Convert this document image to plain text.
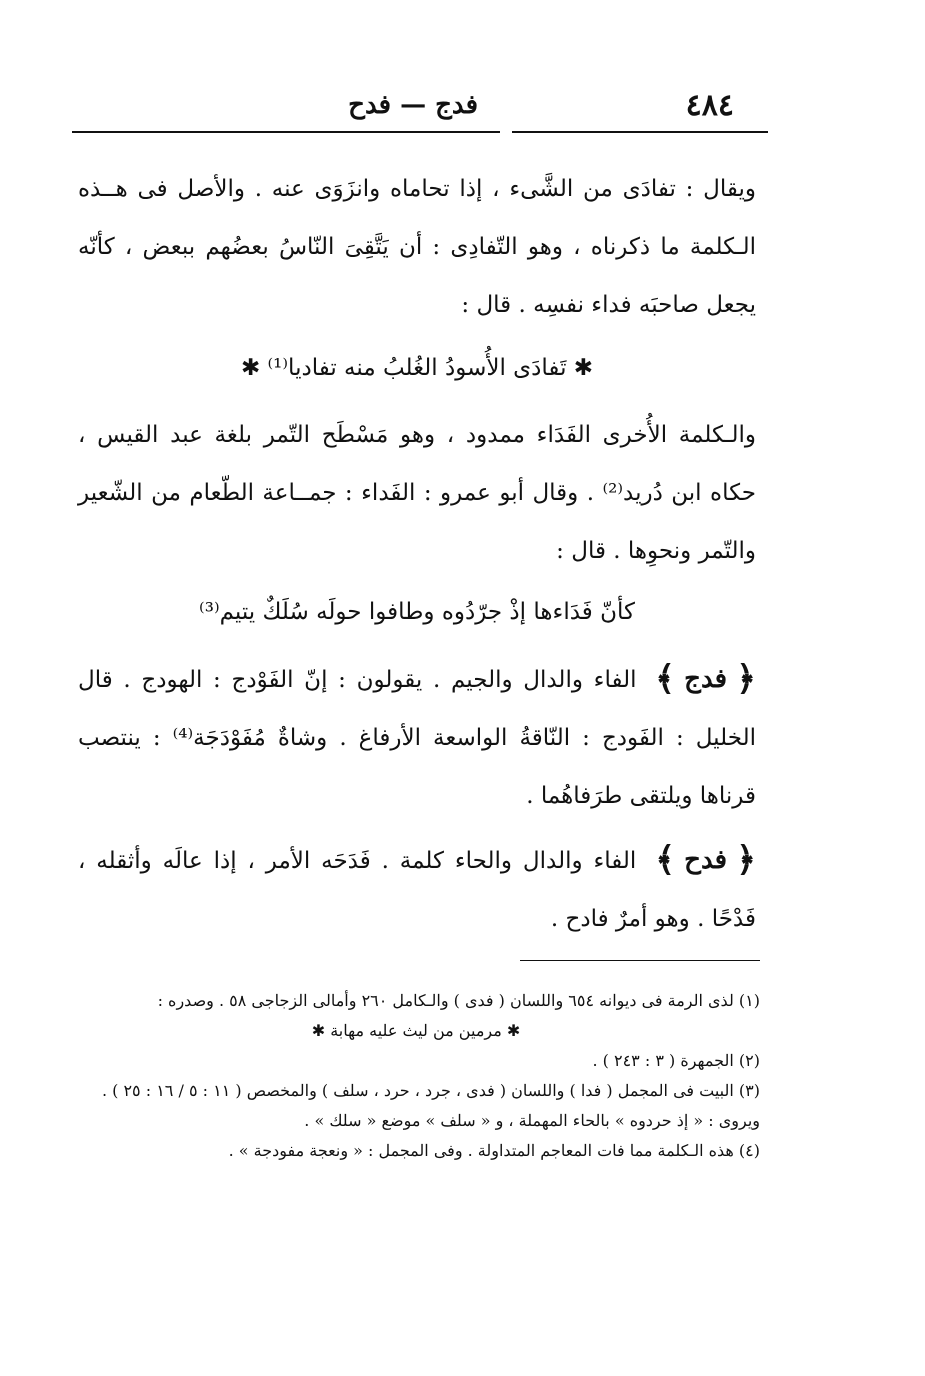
٤٨٤
فدج — فدح

ويقال : تفادَى من الشَّىء ، إذا تحاماه وانزَوَى عنه . والأصل فى هــذه الـكلمة ما ذكرناه ، وهو التّفادِى : أن يَتَّقِىَ النّاسُ بعضُهم ببعض ، كأنّه يجعل صاحبَه فداء نفسِه . قال :

✱ تَفادَى الأُسودُ الغُلبُ منه تفاديا⁽¹⁾ ✱

والـكلمة الأُخرى الفَدَاء ممدود ، وهو مَسْطَح التّمر بلغة عبد القيس ، حكاه ابن دُريد⁽²⁾ . وقال أبو عمرو : الفَداء : جمــاعة الطّعام من الشّعير والتّمر ونحوِها . قال :

كأنّ فَدَاءها إذْ جرّدُوه وطافوا حولَه سُلَكٌ يتيم⁽³⁾

﴿ فدج ﴾ الفاء والدال والجيم . يقولون : إنّ الفَوْدج : الهودج . قال الخليل : الفَودج : النّاقةُ الواسعة الأرفاغ . وشاةٌ مُفَوْدَجَة⁽⁴⁾ : ينتصب قرناها ويلتقى طرَفاهُما .

﴿ فدح ﴾ الفاء والدال والحاء كلمة . فَدَحَه الأمر ، إذا عالَه وأثقله ، فَدْحًا . وهو أمرٌ فادح .

(١) لذى الرمة فى ديوانه ٦٥٤ واللسان ( فدى ) والـكامل ٢٦٠ وأمالى الزجاجى ٥٨ . وصدره :

✱ مرمين من ليث عليه مهابة ✱

(٢) الجمهرة ( ٣ : ٢٤٣ ) .

(٣) البيت فى المجمل ( فدا ) واللسان ( فدى ، جرد ، حرد ، سلف ) والمخصص ( ١١ : ٥ / ١٦ : ٢٥ ) . ويروى : « إذ حردوه » بالحاء المهملة ، و « سلف » موضع « سلك » .

(٤) هذه الـكلمة مما فات المعاجم المتداولة . وفى المجمل : « ونعجة مفودجة » .
